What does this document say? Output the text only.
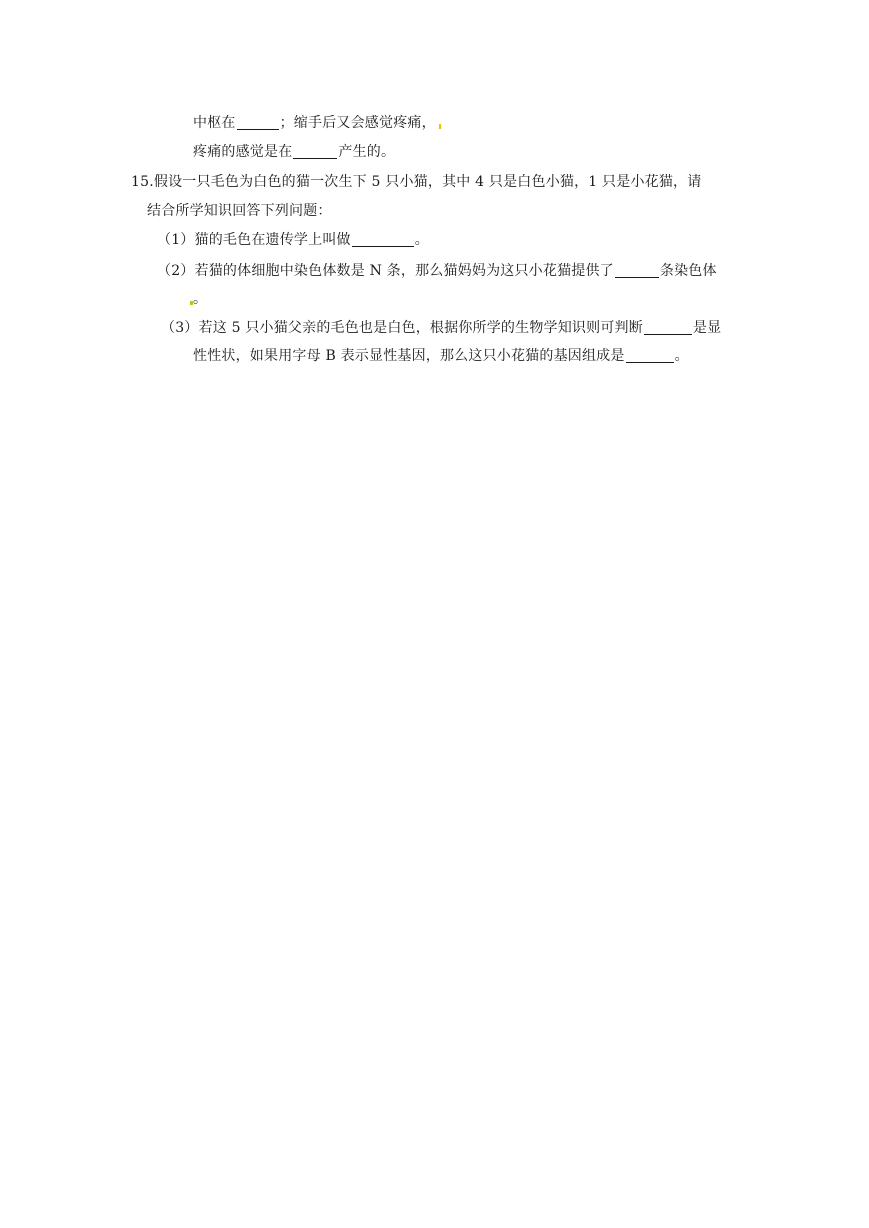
中枢在	；缩手后又会感觉疼痛，
疼痛的感觉是在	产生的。
15.假设一只毛色为白色的猫一次生下 5 只小猫，其中 4 只是白色小猫，1 只是小花猫，请
结合所学知识回答下列问题：
（1）猫的毛色在遗传学上叫做	。
（2）若猫的体细胞中染色体数是 N 条，那么猫妈妈为这只小花猫提供了	条染色体
。
（3）若这 5 只小猫父亲的毛色也是白色，根据你所学的生物学知识则可判断	是显
性性状，如果用字母 B 表示显性基因，那么这只小花猫的基因组成是	。
